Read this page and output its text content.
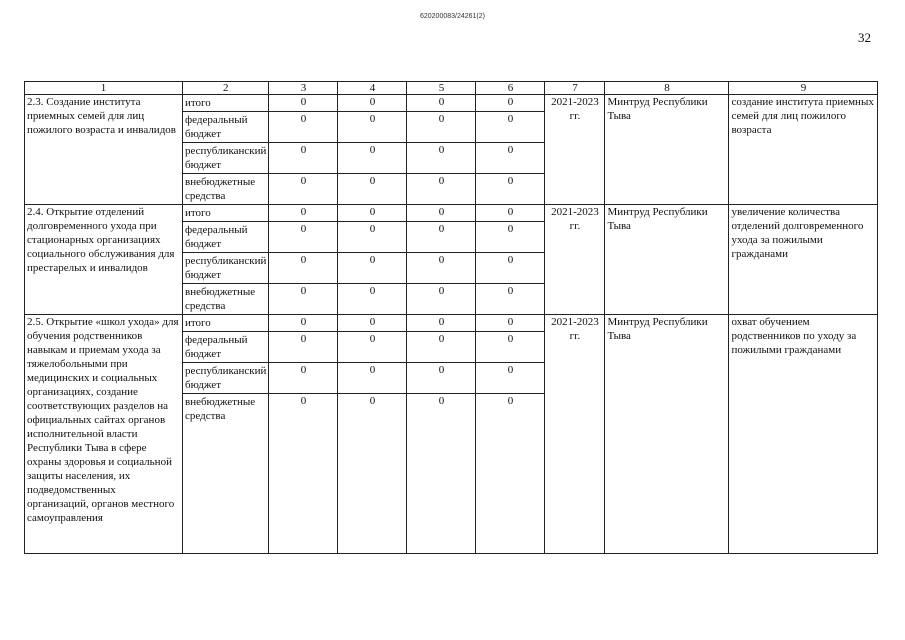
620200083/24261(2)
32
1	2	3	4	5	6	7	8	9
2.3. Создание института приемных семей для лиц пожилого возраста и инвалидов	итого	0	0	0	0	2021-2023 гг.	Минтруд Республики Тыва	создание института приемных семей для лиц пожилого возраста
	федеральный бюджет	0	0	0	0			
	республиканский бюджет	0	0	0	0			
	внебюджетные средства	0	0	0	0			
2.4. Открытие отделений долговременного ухода при стационарных организациях социального обслуживания для престарелых и инвалидов	итого	0	0	0	0	2021-2023 гг.	Минтруд Республики Тыва	увеличение количества отделений долговременного ухода за пожилыми гражданами
	федеральный бюджет	0	0	0	0			
	республиканский бюджет	0	0	0	0			
	внебюджетные средства	0	0	0	0			
2.5. Открытие «школ ухода» для обучения родственников навыкам и приемам ухода за тяжелобольными при медицинских и социальных организациях, создание соответствующих разделов на официальных сайтах органов исполнительной власти Республики Тыва в сфере охраны здоровья и социальной защиты населения, их подведомственных организаций, органов местного самоуправления	итого	0	0	0	0	2021-2023 гг.	Минтруд Республики Тыва	охват обучением родственников по уходу за пожилыми гражданами
	федеральный бюджет	0	0	0	0			
	республиканский бюджет	0	0	0	0			
	внебюджетные средства	0	0	0	0			
